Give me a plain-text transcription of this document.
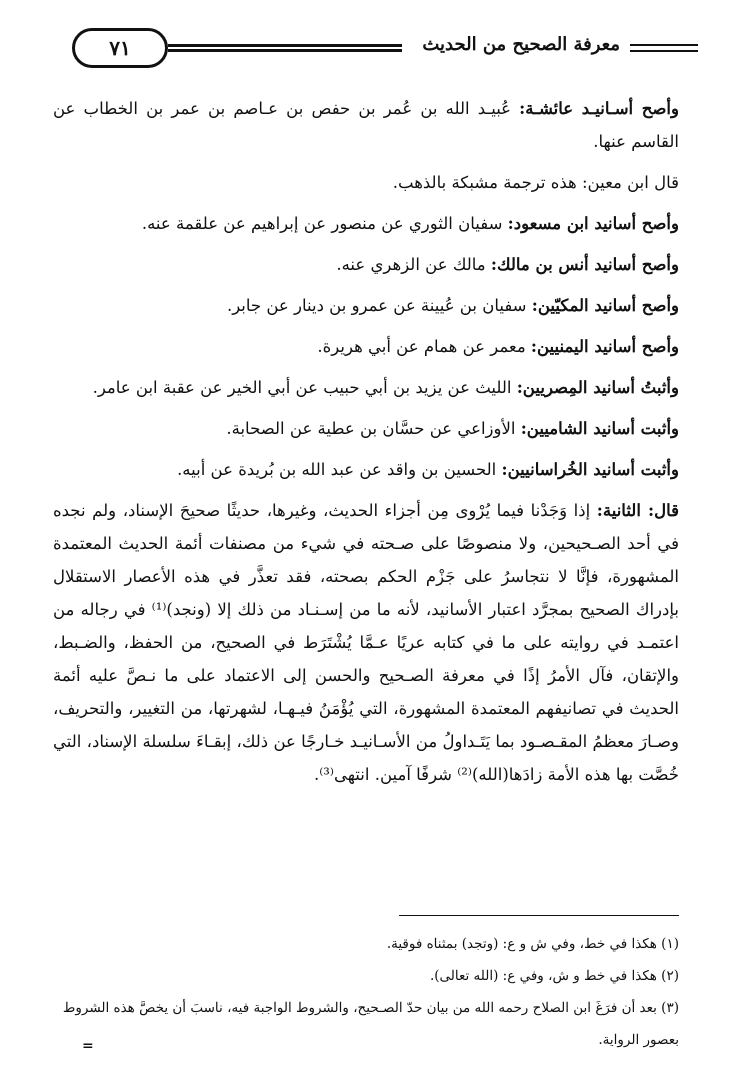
معرفة الصحيح من الحديث
٧١

وأصح أسـانيـد عائشـة: عُبيـد الله بن عُمر بن حفص بن عـاصم بن عمر بن الخطاب عن القاسم عنها.

قال ابن معين: هذه ترجمة مشبكة بالذهب.

وأصح أسانيد ابن مسعود: سفيان الثوري عن منصور عن إبراهيم عن علقمة عنه.

وأصح أسانيد أنس بن مالك: مالك عن الزهري عنه.

وأصح أسانيد المكيّين: سفيان بن عُيينة عن عمرو بن دينار عن جابر.

وأصح أسانيد اليمنيين: معمر عن همام عن أبي هريرة.

وأثبتُ أسانيد المِصريين: الليث عن يزيد بن أبي حبيب عن أبي الخير عن عقبة ابن عامر.

وأثبت أسانيد الشاميين: الأوزاعي عن حسَّان بن عطية عن الصحابة.

وأثبت أسانيد الخُراسانيين: الحسين بن واقد عن عبد الله بن بُريدة عن أبيه.

قال: الثانية: إذا وَجَدْنا فيما يُرْوى مِن أجزاء الحديث، وغيرها، حديثًا صحيحَ الإسناد، ولم نجده في أحد الصـحيحين، ولا منصوصًا على صـحته في شيء من مصنفات أئمة الحديث المعتمدة المشهورة، فإنَّا لا نتجاسرُ على جَزْم الحكم بصحته، فقد تعذَّر في هذه الأعصار الاستقلال بإدراك الصحيح بمجرَّد اعتبار الأسانيد، لأنه ما من إسـنـاد من ذلك إلا (ونجد)⁽¹⁾ في رجاله من اعتمـد في روايته على ما في كتابه عريًا عـمَّا يُشْتَرَط في الصحيح، من الحفظ، والضـبط، والإتقان، فآل الأمرُ إذًا في معرفة الصـحيح والحسن إلى الاعتماد على ما نـصَّ عليه أئمة الحديث في تصانيفهم المعتمدة المشهورة، التي يُؤْمَنُ فيـهـا، لشهرتها، من التغيير، والتحريف، وصـارَ معظمُ المقـصـود بما يَتَـداولُ من الأسـانيـد خـارجًا عن ذلك، إبقـاءَ سلسلة الإسناد، التي خُصَّت بها هذه الأمة زادَها(الله)⁽²⁾ شرفًا آمين. انتهى⁽³⁾.

(١) هكذا في خط، وفي ش و ع: (وتجد) بمثناه فوقية.

(٢) هكذا في خط و ش، وفي ع: (الله تعالى).

(٣) بعد أن فرَغَ ابن الصلاح رحمه الله من بيان حدّ الصـحيح، والشروط الواجبة فيه، ناسبَ أن يخصَّ هذه الشروط بعصور الرواية.

=
